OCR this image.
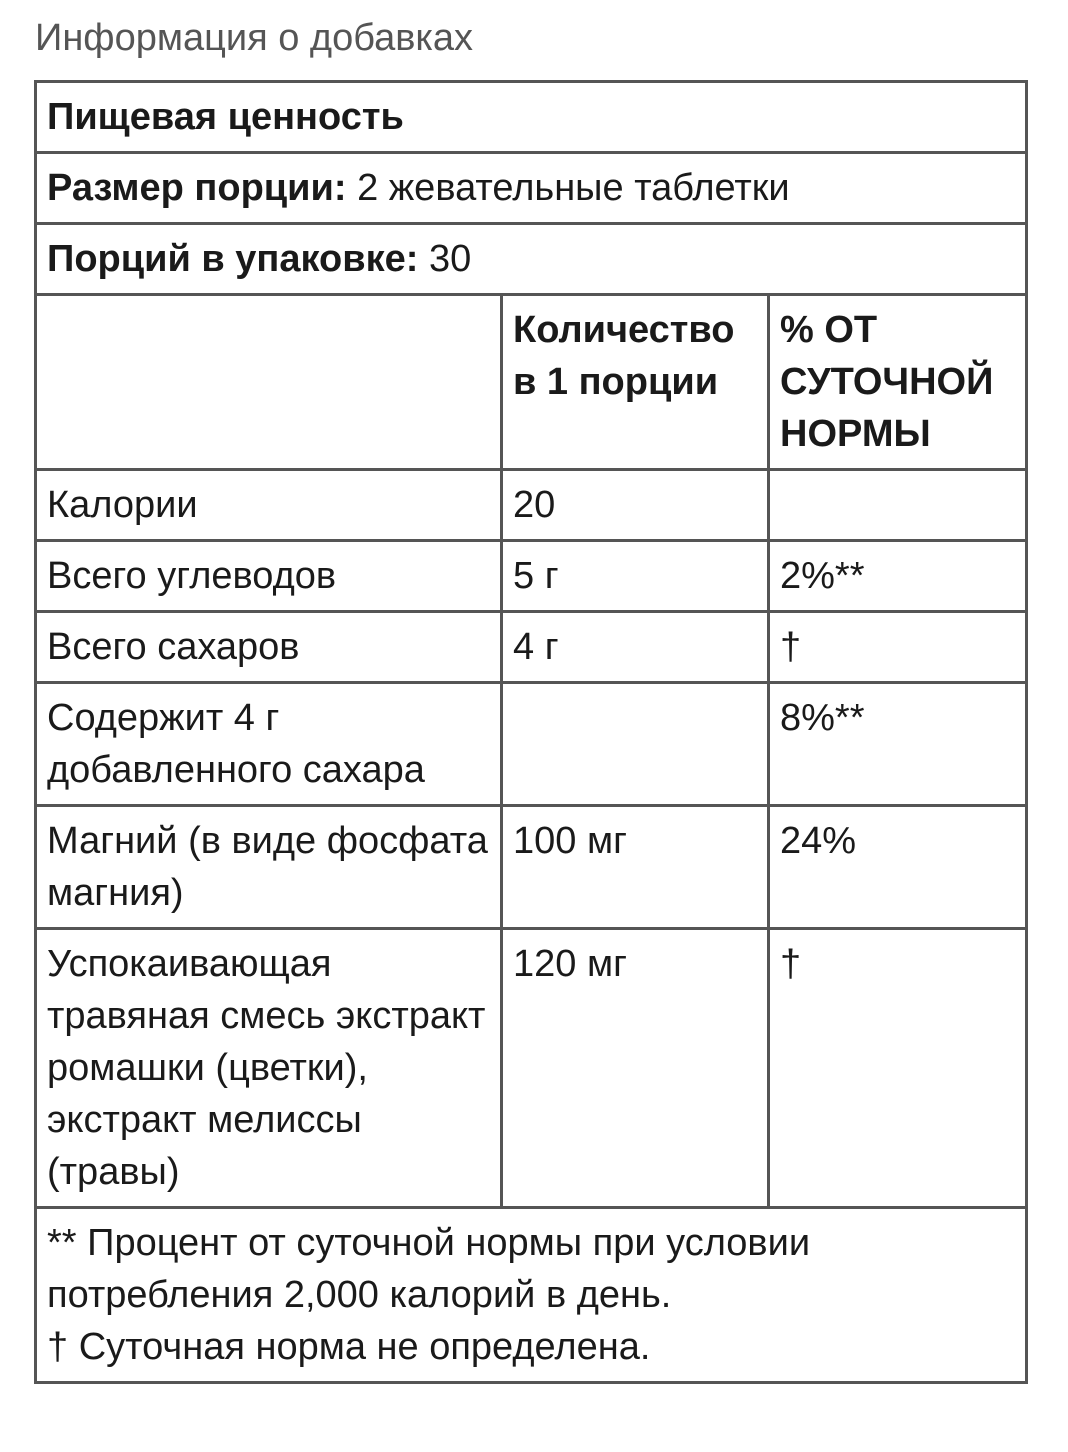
Информация о добавках
Пищевая ценность		
Размер порции: 2 жевательные таблетки		
Порций в упаковке: 30		
	Количество в 1 порции	% ОТ СУТОЧНОЙ НОРМЫ
Калории	20	
Всего углеводов	5 г	2%**
Всего сахаров	4 г	†
Содержит 4 г добавленного сахара		8%**
Магний (в виде фосфата магния)	100 мг	24%
Успокаивающая травяная смесь экстракт ромашки (цветки), экстракт мелиссы (травы)	120 мг	†

** Процент от суточной нормы при условии потребления 2,000 калорий в день.
† Суточная норма не определена.		
